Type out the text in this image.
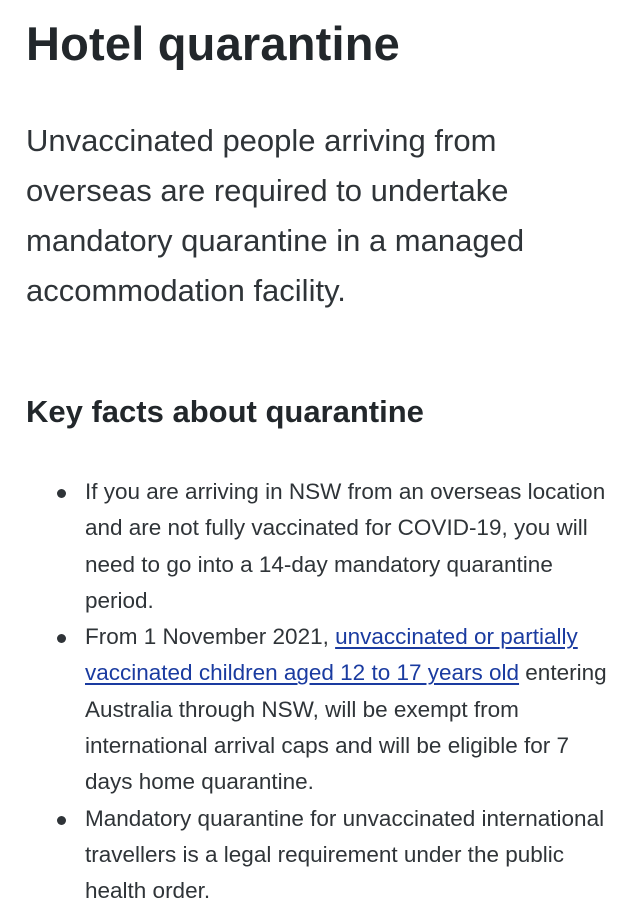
Hotel quarantine

Unvaccinated people arriving from overseas are required to undertake mandatory quarantine in a managed accommodation facility.

Key facts about quarantine
If you are arriving in NSW from an overseas location and are not fully vaccinated for COVID-19, you will need to go into a 14-day mandatory quarantine period.
From 1 November 2021, unvaccinated or partially vaccinated children aged 12 to 17 years old entering Australia through NSW, will be exempt from international arrival caps and will be eligible for 7 days home quarantine.
Mandatory quarantine for unvaccinated international travellers is a legal requirement under the public health order.
